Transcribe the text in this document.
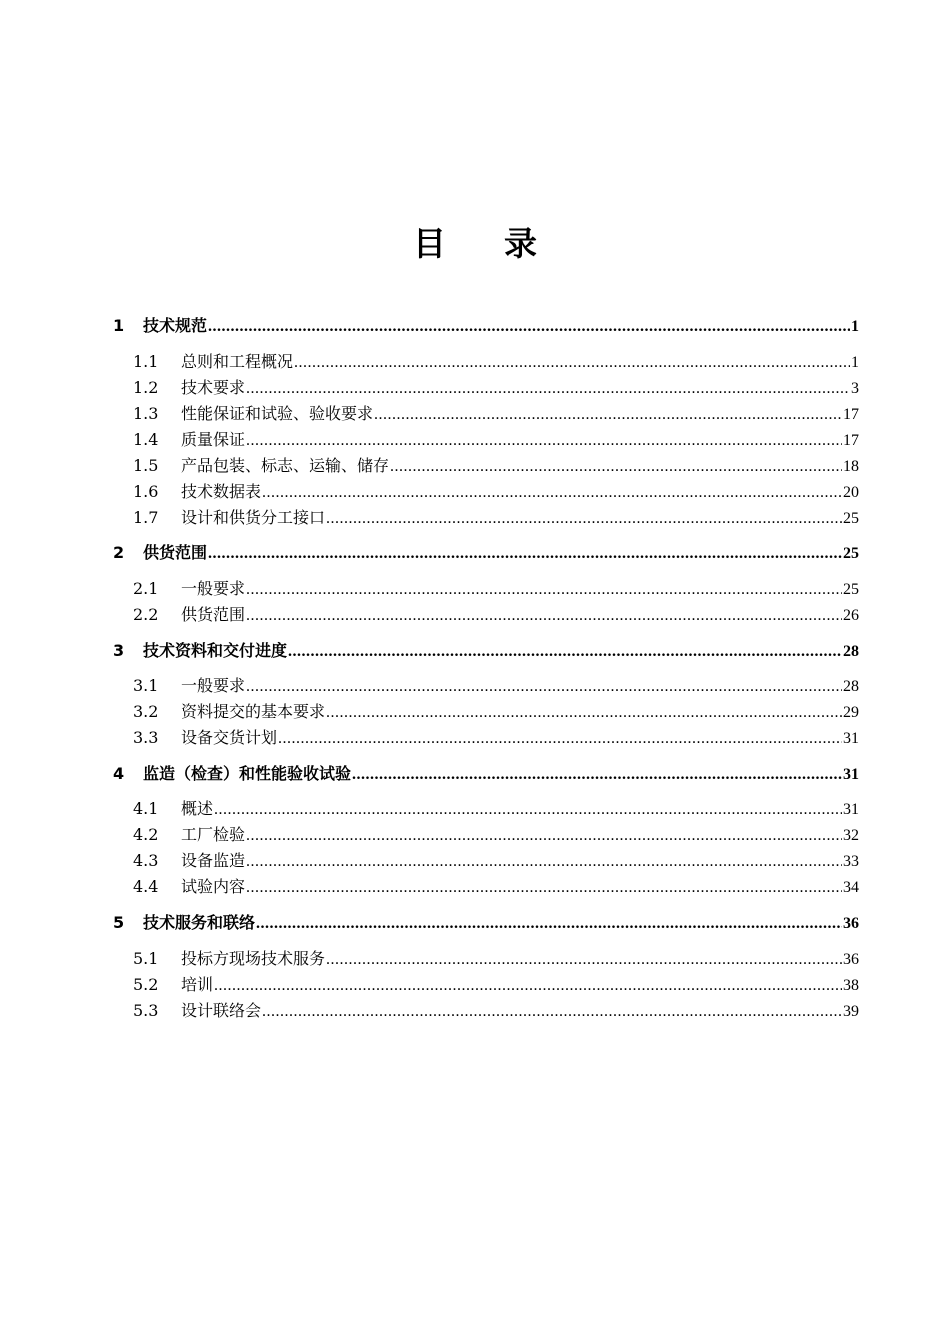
目 录
1	技术规范 .....	1
1.1	总则和工程概况 .....	1
1.2	技术要求 .....	3
1.3	性能保证和试验、验收要求 .....	17
1.4	质量保证 .....	17
1.5	产品包装、标志、运输、储存 .....	18
1.6	技术数据表 .....	20
1.7	设计和供货分工接口 .....	25
2	供货范围 .....	25
2.1	一般要求 .....	25
2.2	供货范围 .....	26
3	技术资料和交付进度 .....	28
3.1	一般要求 .....	28
3.2	资料提交的基本要求 .....	29
3.3	设备交货计划 .....	31
4	监造（检查）和性能验收试验 .....	31
4.1	概述 .....	31
4.2	工厂检验 .....	32
4.3	设备监造 .....	33
4.4	试验内容 .....	34
5	技术服务和联络 .....	36
5.1	投标方现场技术服务 .....	36
5.2	培训 .....	38
5.3	设计联络会 .....	39
